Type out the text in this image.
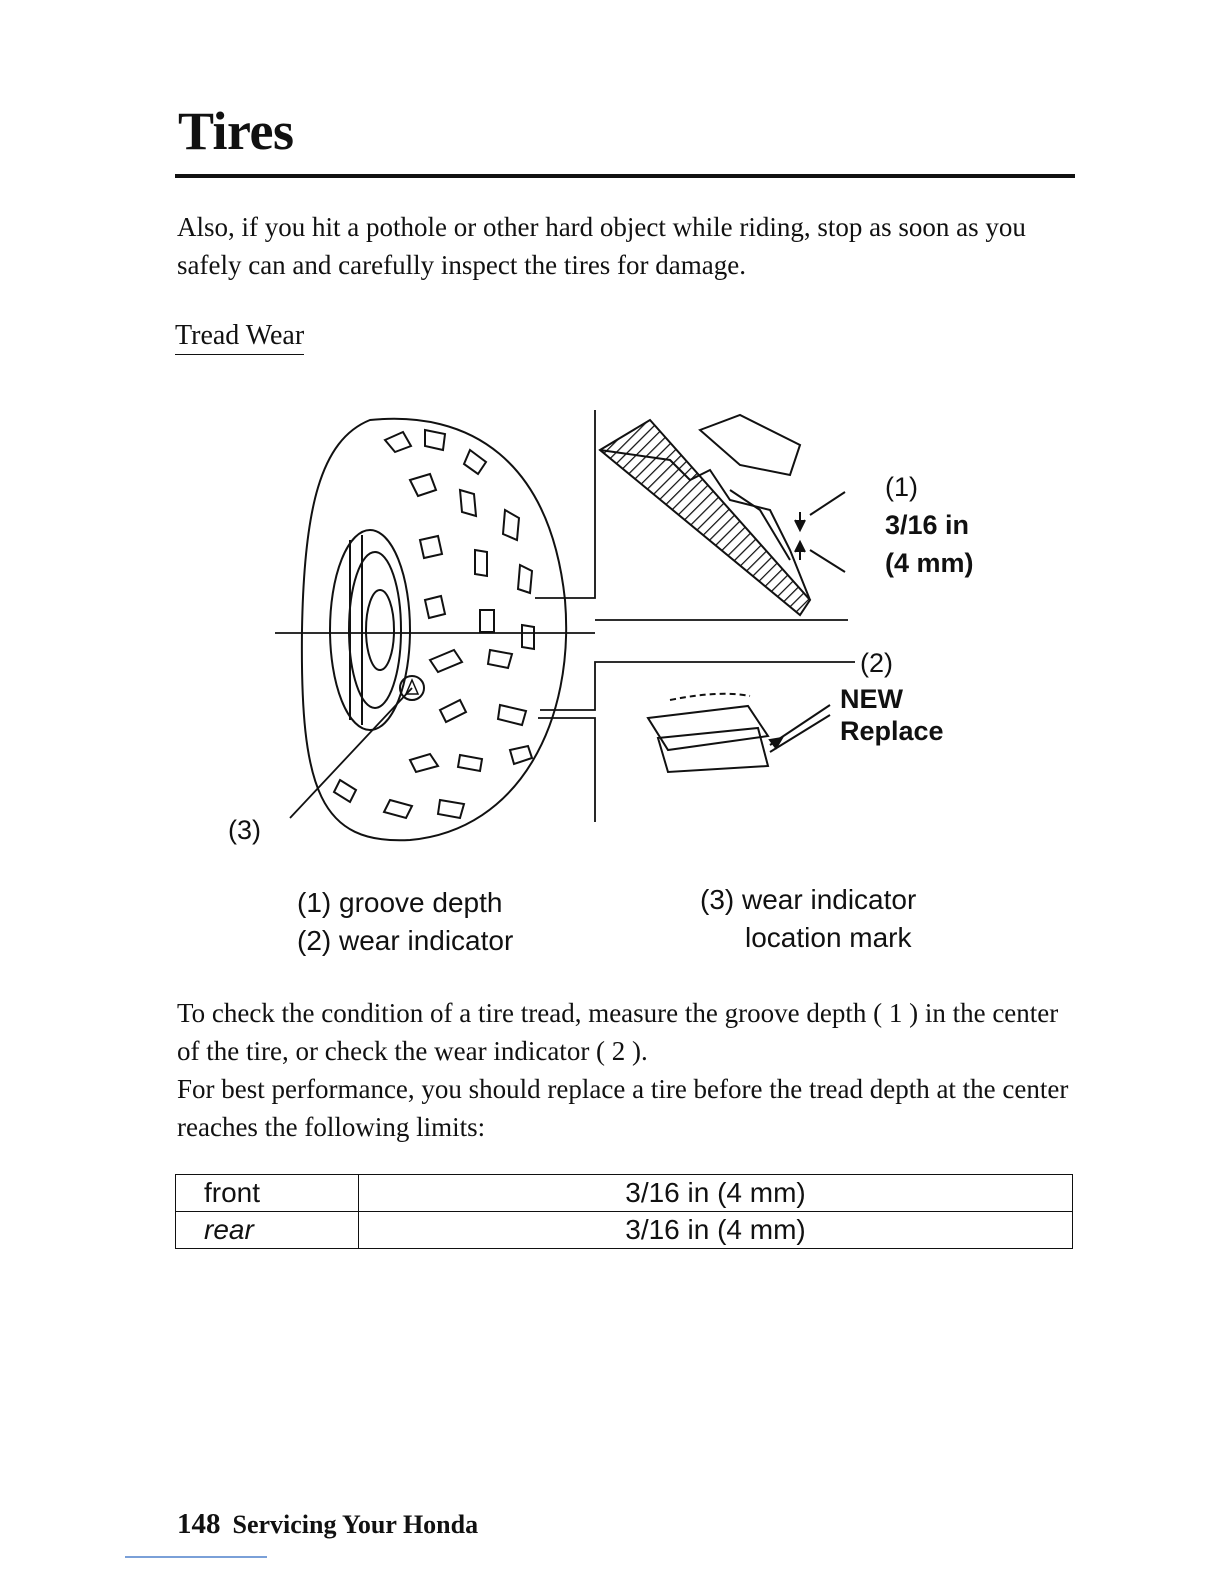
Tires
Also, if you hit a pothole or other hard object while riding, stop as soon as you safely can and carefully inspect the tires for damage.
Tread Wear
(1)
3/16 in
(4 mm)
(2)
NEW
Replace
(3)
(1) groove depth
(2) wear indicator
(3) wear indicator
location mark
To check the condition of a tire tread, measure the groove depth ( 1 ) in the center of the tire, or check the wear indicator ( 2 ).
For best performance, you should replace a tire before the tread depth at the center reaches the following limits:
front	3/16 in (4 mm)
rear	3/16 in (4 mm)
148 Servicing Your Honda
